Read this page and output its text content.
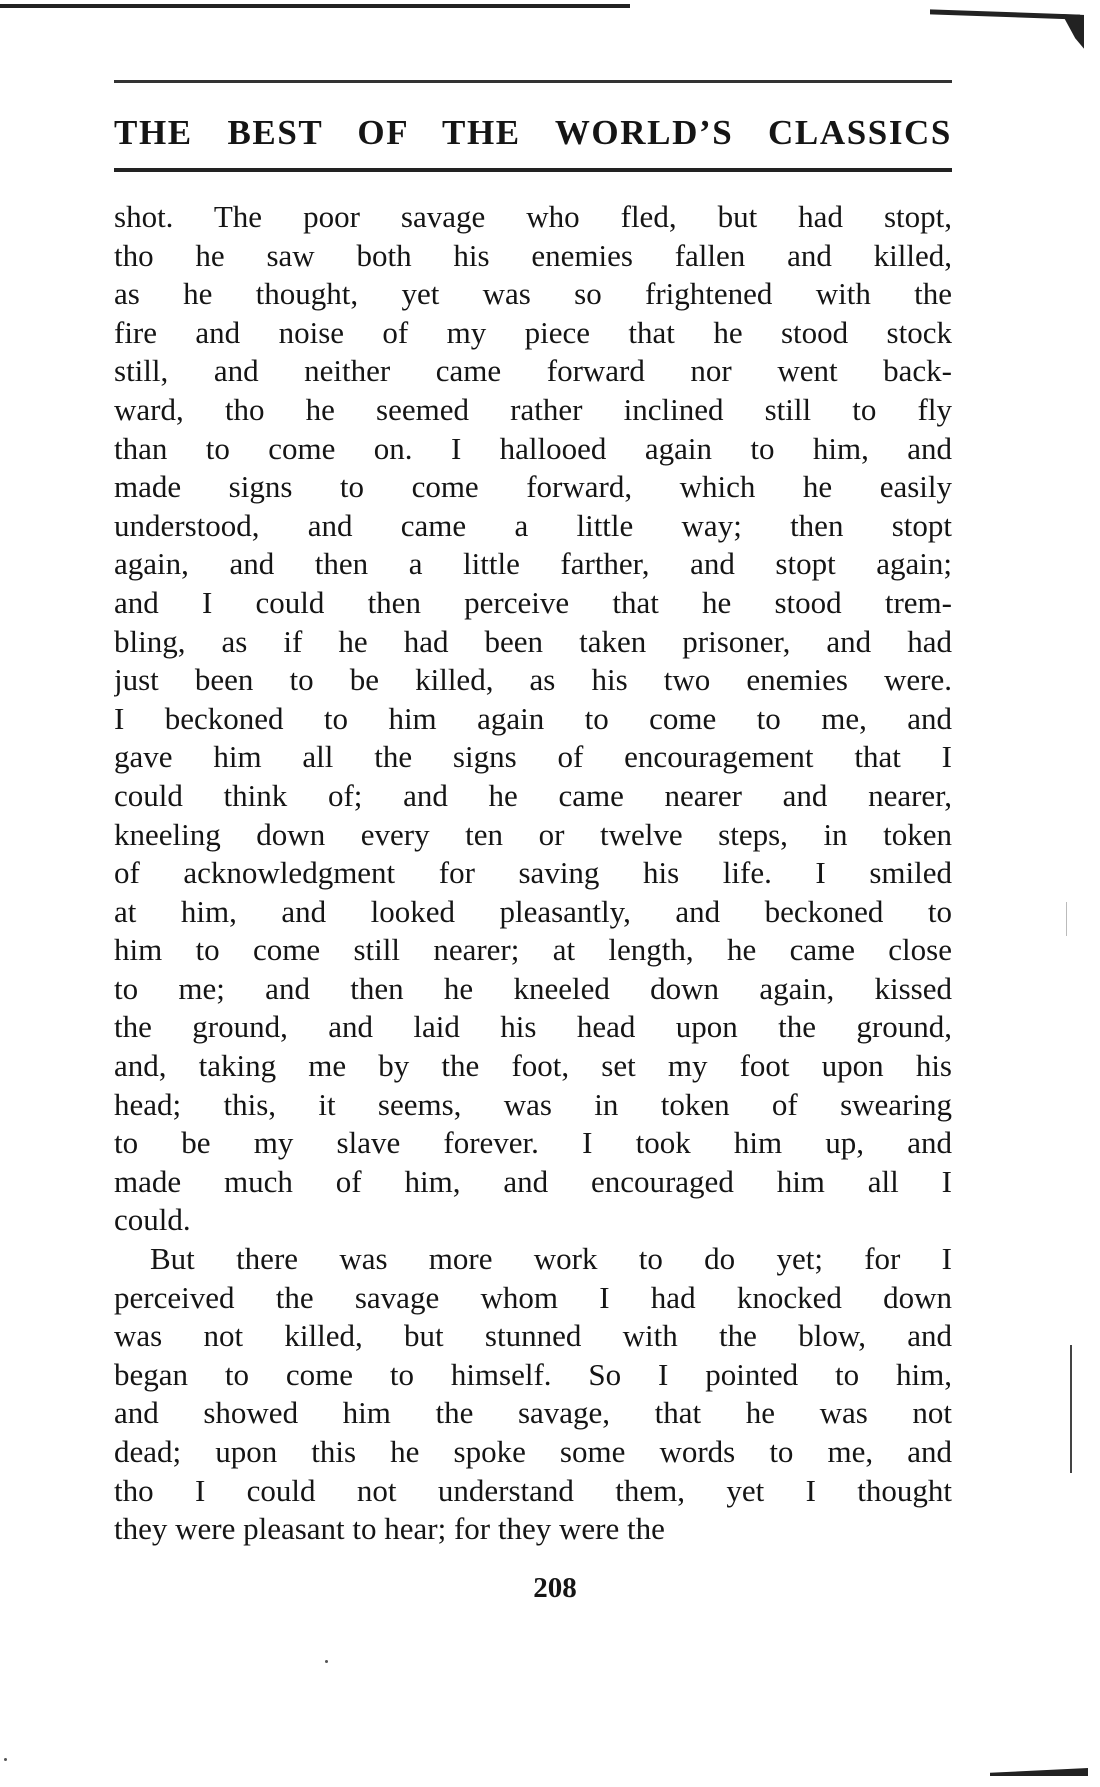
THE BEST OF THE WORLD’S CLASSICS
shot. The poor savage who fled, but had stopt,
tho he saw both his enemies fallen and killed,
as he thought, yet was so frightened with the
fire and noise of my piece that he stood stock
still, and neither came forward nor went back-
ward, tho he seemed rather inclined still to fly
than to come on. I hallooed again to him, and
made signs to come forward, which he easily
understood, and came a little way; then stopt
again, and then a little farther, and stopt again;
and I could then perceive that he stood trem-
bling, as if he had been taken prisoner, and had
just been to be killed, as his two enemies were.
I beckoned to him again to come to me, and
gave him all the signs of encouragement that I
could think of; and he came nearer and nearer,
kneeling down every ten or twelve steps, in token
of acknowledgment for saving his life. I smiled
at him, and looked pleasantly, and beckoned to
him to come still nearer; at length, he came close
to me; and then he kneeled down again, kissed
the ground, and laid his head upon the ground,
and, taking me by the foot, set my foot upon his
head; this, it seems, was in token of swearing
to be my slave forever. I took him up, and
made much of him, and encouraged him all I
could.
But there was more work to do yet; for I
perceived the savage whom I had knocked down
was not killed, but stunned with the blow, and
began to come to himself. So I pointed to him,
and showed him the savage, that he was not
dead; upon this he spoke some words to me, and
tho I could not understand them, yet I thought
they were pleasant to hear; for they were the
208
